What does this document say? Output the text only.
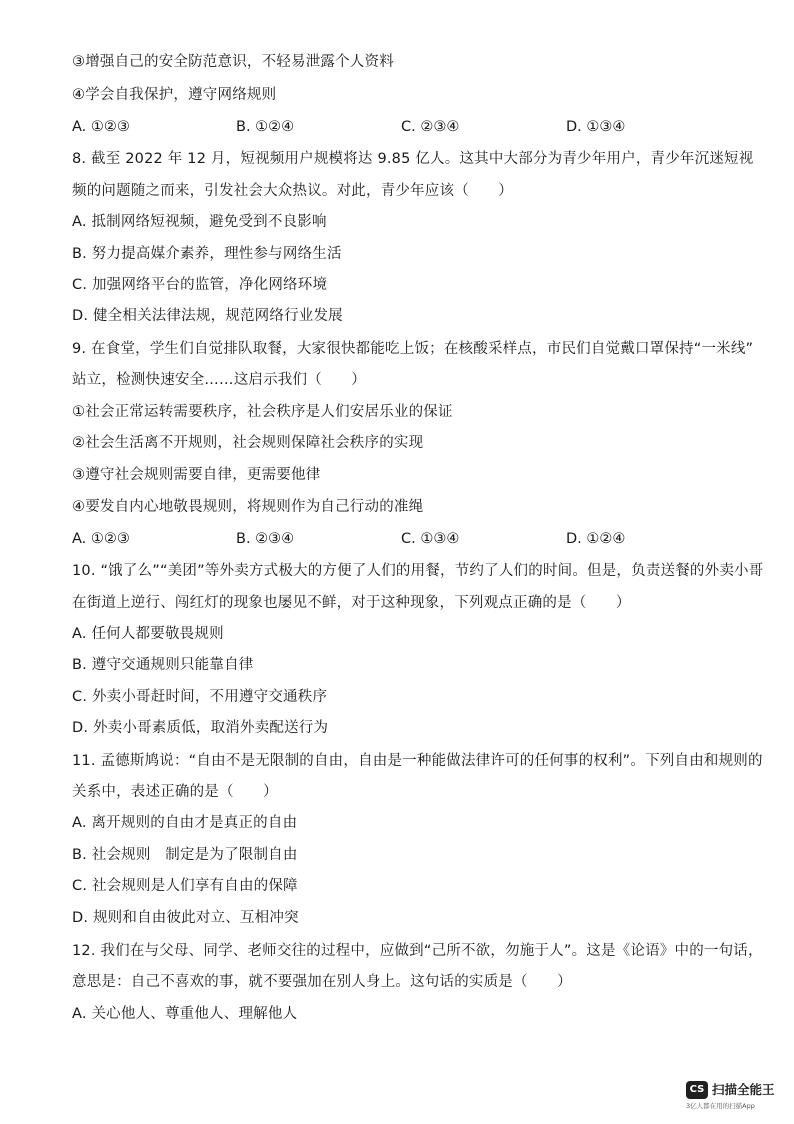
③增强自己的安全防范意识，不轻易泄露个人资料
④学会自我保护，遵守网络规则
A. ①②③	B. ①②④	C. ②③④	D. ①③④
8. 截至 2022 年 12 月，短视频用户规模将达 9.85 亿人。这其中大部分为青少年用户，青少年沉迷短视
频的问题随之而来，引发社会大众热议。对此，青少年应该（　　）
A. 抵制网络短视频，避免受到不良影响
B. 努力提高媒介素养，理性参与网络生活
C. 加强网络平台的监管，净化网络环境
D. 健全相关法律法规，规范网络行业发展
9. 在食堂，学生们自觉排队取餐，大家很快都能吃上饭；在核酸采样点，市民们自觉戴口罩保持“一米线”
站立，检测快速安全……这启示我们（　　）
①社会正常运转需要秩序，社会秩序是人们安居乐业的保证
②社会生活离不开规则，社会规则保障社会秩序的实现
③遵守社会规则需要自律，更需要他律
④要发自内心地敬畏规则，将规则作为自己行动的准绳
A. ①②③	B. ②③④	C. ①③④	D. ①②④
10. “饿了么”“美团”等外卖方式极大的方便了人们的用餐，节约了人们的时间。但是，负责送餐的外卖小哥
在街道上逆行、闯红灯的现象也屡见不鲜，对于这种现象，下列观点正确的是（　　）
A. 任何人都要敬畏规则
B. 遵守交通规则只能靠自律
C. 外卖小哥赶时间，不用遵守交通秩序
D. 外卖小哥素质低，取消外卖配送行为
11. 孟德斯鸠说：“自由不是无限制的自由，自由是一种能做法律许可的任何事的权利”。下列自由和规则的
关系中，表述正确的是（　　）
A. 离开规则的自由才是真正的自由
B. 社会规则　制定是为了限制自由
C. 社会规则是人们享有自由的保障
D. 规则和自由彼此对立、互相冲突
12. 我们在与父母、同学、老师交往的过程中，应做到“己所不欲，勿施于人”。这是《论语》中的一句话，
意思是：自己不喜欢的事，就不要强加在别人身上。这句话的实质是（　　）
A. 关心他人、尊重他人、理解他人
CS 扫描全能王
3亿人都在用的扫描App
